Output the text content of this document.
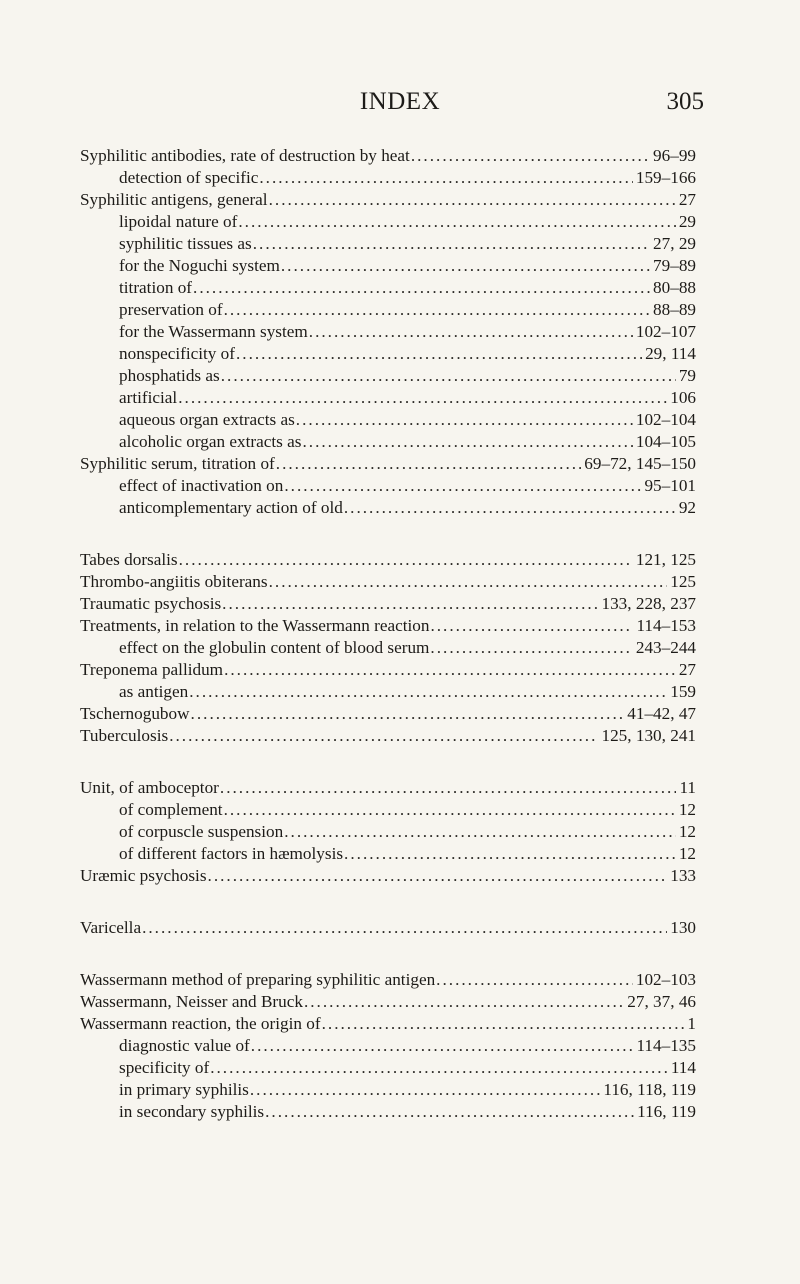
INDEX	305
Syphilitic antibodies, rate of destruction by heat .....	96–99
detection of specific .....	159–166
Syphilitic antigens, general .....	27
lipoidal nature of .....	29
syphilitic tissues as .....	27, 29
for the Noguchi system .....	79–89
titration of .....	80–88
preservation of .....	88–89
for the Wassermann system .....	102–107
nonspecificity of .....	29, 114
phosphatids as .....	79
artificial .....	106
aqueous organ extracts as .....	102–104
alcoholic organ extracts as .....	104–105
Syphilitic serum, titration of .....	69–72, 145–150
effect of inactivation on .....	95–101
anticomplementary action of old .....	92
Tabes dorsalis .....	121, 125
Thrombo-angiitis obiterans .....	125
Traumatic psychosis .....	133, 228, 237
Treatments, in relation to the Wassermann reaction .....	114–153
effect on the globulin content of blood serum .....	243–244
Treponema pallidum .....	27
as antigen .....	159
Tschernogubow .....	41–42, 47
Tuberculosis .....	125, 130, 241
Unit, of amboceptor .....	11
of complement .....	12
of corpuscle suspension .....	12
of different factors in hæmolysis .....	12
Uræmic psychosis .....	133
Varicella .....	130
Wassermann method of preparing syphilitic antigen .....	102–103
Wassermann, Neisser and Bruck .....	27, 37, 46
Wassermann reaction, the origin of .....	1
diagnostic value of .....	114–135
specificity of .....	114
in primary syphilis .....	116, 118, 119
in secondary syphilis .....	116, 119
